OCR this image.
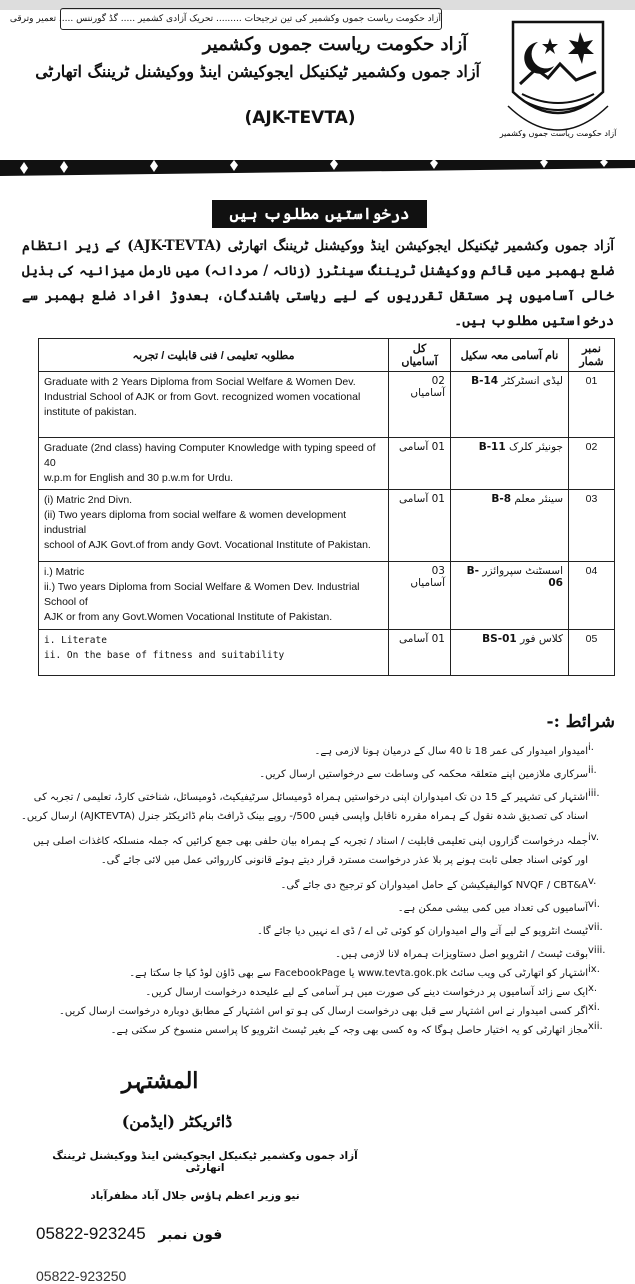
آزاد حکومت ریاست جموں وکشمیر کی تین ترجیحات ......... تحریک آزادی کشمیر ..... گڈ گورننس ..... تعمیر وترقی
آزاد حکومت ریاست جموں وکشمیر
آزاد جموں وکشمیر ٹیکنیکل ایجوکیشن اینڈ ووکیشنل ٹریننگ اتھارٹی
(AJK-TEVTA)
آزاد حکومت ریاست جموں وکشمیر
درخواستیں مطلوب ہیں
آزاد جموں وکشمیر ٹیکنیکل ایجوکیشن اینڈ ووکیشنل ٹریننگ اتھارٹی (AJK-TEVTA) کے زیر انتظام ضلع بھمبر میں قائم ووکیشنل ٹریننگ سینٹرز (زنانہ / مردانہ) میں نارمل میزانیہ کی بذیل خالی آسامیوں پر مستقل تقرریوں کے لیے ریاستی باشندگان، بعدوڑ افراد ضلع بھمبر سے درخواستیں مطلوب ہیں۔
مطلوبہ تعلیمی / فنی قابلیت / تجربہ	کل آسامیاں	نام آسامی معہ سکیل	نمبر شمار

Graduate with 2 Years Diploma from Social Welfare & Women Dev.
Industrial School of AJK or from Govt. recognized women vocational
institute of pakistan.	02 آسامیاں	لیڈی انسٹرکٹر B-14	01

Graduate (2nd class) having Computer Knowledge with typing speed of 40
w.p.m for English and 30 p.w.m for Urdu.	01 آسامی	جونیئر کلرک B-11	02

(i) Matric 2nd Divn.
(ii) Two years diploma from social welfare & women development industrial
school of AJK Govt.of from andy Govt. Vocational Institute of Pakistan.	01 آسامی	سینئر معلم B-8	03

i.) Matric
ii.) Two years Diploma from Social Welfare & Women Dev. Industrial School of
AJK or from any Govt.Women Vocational Institute of Pakistan.	03 آسامیاں	اسسٹنٹ سپروائزر B-06	04

i. Literate
ii. On the base of fitness and suitability	01 آسامی	کلاس فور BS-01	05
شرائط :-
i.
امیدوار امیدوار کی عمر 18 تا 40 سال کے درمیان ہونا لازمی ہے۔
ii.
سرکاری ملازمین اپنے متعلقہ محکمہ کی وساطت سے درخواستیں ارسال کریں۔
iii.
اشتہار کی تشہیر کے 15 دن تک امیدواران اپنی درخواستیں ہمراہ ڈومیسائل سرٹیفیکیٹ، ڈومیسائل، شناختی کارڈ، تعلیمی / تجربہ کی اسناد کی تصدیق شدہ نقول کے ہمراہ مقررہ ناقابل واپسی فیس 500/- روپے بینک ڈرافٹ بنام ڈائریکٹر جنرل (AJKTEVTA) ارسال کریں۔
iv.
جملہ درخواست گزاروں اپنی تعلیمی قابلیت / اسناد / تجربہ کے ہمراہ بیان حلفی بھی جمع کرائیں کہ جملہ منسلکہ کاغذات اصلی ہیں اور کوئی اسناد جعلی ثابت ہونے پر بلا عذر درخواست مسترد قرار دیتے ہوئے قانونی کارروائی عمل میں لائی جائے گی۔
v.
NVQF / CBT&A کوالیفیکیشن کے حامل امیدواران کو ترجیح دی جائے گی۔
vi.
آسامیوں کی تعداد میں کمی بیشی ممکن ہے۔
vii.
ٹیسٹ انٹرویو کے لیے آنے والے امیدواران کو کوئی ٹی اے / ڈی اے نہیں دیا جائے گا۔
viii.
بوقت ٹیسٹ / انٹرویو اصل دستاویزات ہمراہ لانا لازمی ہیں۔
ix.
اشتہار کو اتھارٹی کی ویب سائٹ www.tevta.gok.pk یا FacebookPage سے بھی ڈاؤن لوڈ کیا جا سکتا ہے۔
x.
ایک سے زائد آسامیوں پر درخواست دینے کی صورت میں ہر آسامی کے لیے علیحدہ درخواست ارسال کریں۔
xi.
اگر کسی امیدوار نے اس اشتہار سے قبل بھی درخواست ارسال کی ہو تو اس اشتہار کے مطابق دوبارہ درخواست ارسال کریں۔
xii.
مجاز اتھارٹی کو یہ اختیار حاصل ہوگا کہ وہ کسی بھی وجہ کے بغیر ٹیسٹ انٹرویو کا پراسس منسوخ کر سکتی ہے۔
المشتہر
ڈائریکٹر (ایڈمن)
آزاد جموں وکشمیر ٹیکنیکل ایجوکیشن اینڈ ووکیشنل ٹریننگ اتھارٹی
نیو وزیر اعظم ہاؤس جلال آباد مظفرآباد
05822-923245 فون نمبر
05822-923250
